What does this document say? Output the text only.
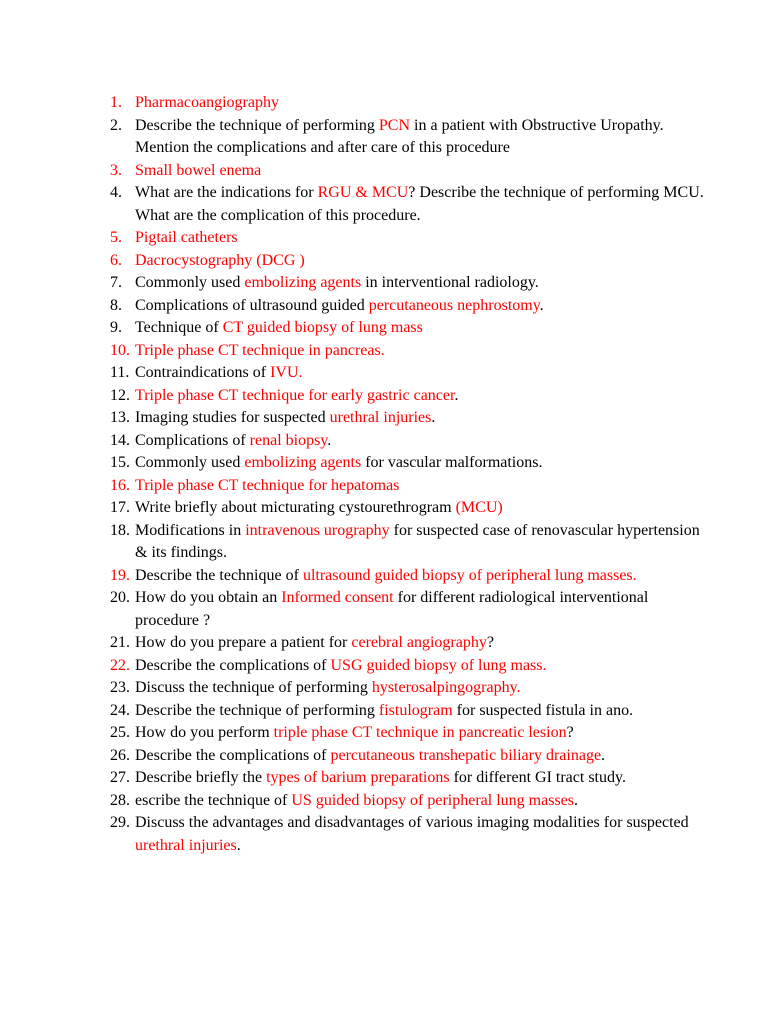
1. Pharmacoangiography
2. Describe the technique of performing PCN in a patient with Obstructive Uropathy. Mention the complications and after care of this procedure
3. Small bowel enema
4. What are the indications for RGU & MCU? Describe the technique of performing MCU. What are the complication of this procedure.
5. Pigtail catheters
6. Dacrocystography (DCG )
7. Commonly used embolizing agents in interventional radiology.
8. Complications of ultrasound guided percutaneous nephrostomy.
9. Technique of CT guided biopsy of lung mass
10. Triple phase CT technique in pancreas.
11. Contraindications of IVU.
12. Triple phase CT technique for early gastric cancer.
13. Imaging studies for suspected urethral injuries.
14. Complications of renal biopsy.
15. Commonly used embolizing agents for vascular malformations.
16. Triple phase CT technique for hepatomas
17. Write briefly about micturating cystourethrogram (MCU)
18. Modifications in intravenous urography for suspected case of renovascular hypertension & its findings.
19. Describe the technique of ultrasound guided biopsy of peripheral lung masses.
20. How do you obtain an Informed consent for different radiological interventional procedure ?
21. How do you prepare a patient for cerebral angiography?
22. Describe the complications of USG guided biopsy of lung mass.
23. Discuss the technique of performing hysterosalpingography.
24. Describe the technique of performing fistulogram for suspected fistula in ano.
25. How do you perform triple phase CT technique in pancreatic lesion?
26. Describe the complications of percutaneous transhepatic biliary drainage.
27. Describe briefly the types of barium preparations for different GI tract study.
28. escribe the technique of US guided biopsy of peripheral lung masses.
29. Discuss the advantages and disadvantages of various imaging modalities for suspected urethral injuries.
